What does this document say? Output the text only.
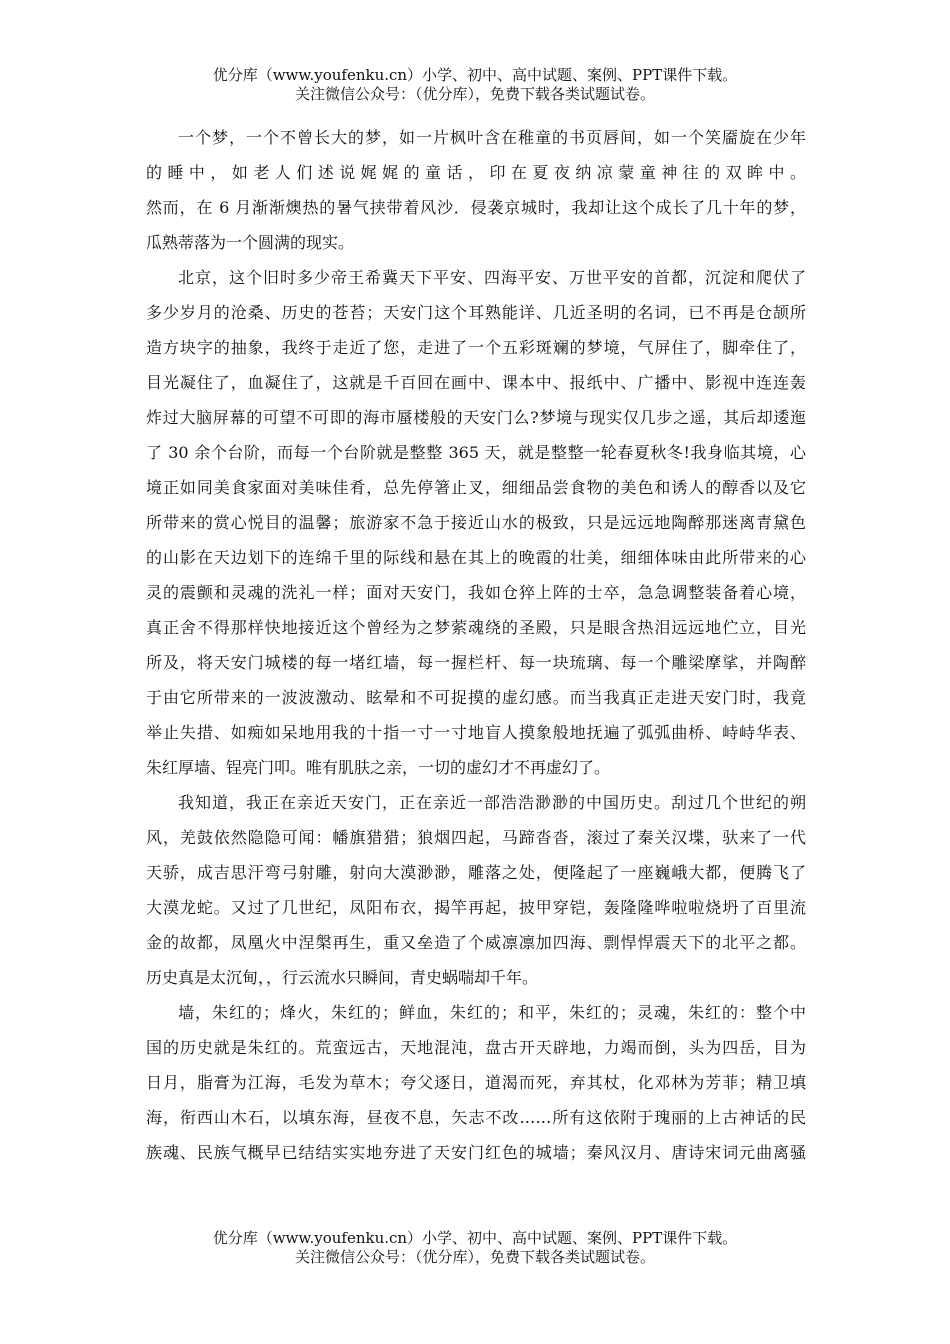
优分库（www.youfenku.cn）小学、初中、高中试题、案例、PPT课件下载。
关注微信公众号：（优分库），免费下载各类试题试卷。
一个梦，一个不曾长大的梦，如一片枫叶含在稚童的书页唇间，如一个笑靥旋在少年
的睡中，如老人们述说娓娓的童话，印在夏夜纳凉蒙童神往的双眸中。
然而，在 6 月渐渐燠热的暑气挟带着风沙．侵袭京城时，我却让这个成长了几十年的梦，
瓜熟蒂落为一个圆满的现实。
北京，这个旧时多少帝王希冀天下平安、四海平安、万世平安的首都，沉淀和爬伏了
多少岁月的沧桑、历史的苍苔；天安门这个耳熟能详、几近圣明的名词，已不再是仓颉所
造方块字的抽象，我终于走近了您，走进了一个五彩斑斓的梦境，气屏住了，脚牵住了，
目光凝住了，血凝住了，这就是千百回在画中、课本中、报纸中、广播中、影视中连连轰
炸过大脑屏幕的可望不可即的海市蜃楼般的天安门么?梦境与现实仅几步之遥，其后却逶迤
了 30 余个台阶，而每一个台阶就是整整 365 天，就是整整一轮春夏秋冬!我身临其境，心
境正如同美食家面对美味佳肴，总先停箸止叉，细细品尝食物的美色和诱人的醇香以及它
所带来的赏心悦目的温馨；旅游家不急于接近山水的极致，只是远远地陶醉那迷离青黛色
的山影在天边划下的连绵千里的际线和悬在其上的晚霞的壮美，细细体味由此所带来的心
灵的震颤和灵魂的洗礼一样；面对天安门，我如仓猝上阵的士卒，急急调整装备着心境，
真正舍不得那样快地接近这个曾经为之梦萦魂绕的圣殿，只是眼含热泪远远地伫立，目光
所及，将天安门城楼的每一堵红墙，每一握栏杆、每一块琉璃、每一个雕梁摩挲，并陶醉
于由它所带来的一波波激动、眩晕和不可捉摸的虚幻感。而当我真正走进天安门时，我竟
举止失措、如痴如呆地用我的十指一寸一寸地盲人摸象般地抚遍了弧弧曲桥、峙峙华表、
朱红厚墙、锃亮门叩。唯有肌肤之亲，一切的虚幻才不再虚幻了。
我知道，我正在亲近天安门，正在亲近一部浩浩渺渺的中国历史。刮过几个世纪的朔
风，羌鼓依然隐隐可闻：幡旗猎猎；狼烟四起，马蹄沓沓，滚过了秦关汉堞，驮来了一代
天骄，成吉思汗弯弓射雕，射向大漠渺渺，雕落之处，便隆起了一座巍峨大都，便腾飞了
大漠龙蛇。又过了几世纪，凤阳布衣，揭竿再起，披甲穿铠，轰隆隆哗啦啦烧坍了百里流
金的故都，凤凰火中涅槃再生，重又垒造了个威凛凛加四海、剽悍悍震天下的北平之都。
历史真是太沉甸，，行云流水只瞬间，青史蜗喘却千年。
墙，朱红的；烽火，朱红的；鲜血，朱红的；和平，朱红的；灵魂，朱红的：整个中
国的历史就是朱红的。荒蛮远古，天地混沌，盘古开天辟地，力竭而倒，头为四岳，目为
日月，脂膏为江海，毛发为草木；夸父逐日，道渴而死，弃其杖，化邓林为芳菲；精卫填
海，衔西山木石，以填东海，昼夜不息，矢志不改……所有这依附于瑰丽的上古神话的民
族魂、民族气概早已结结实实地夯进了天安门红色的城墙；秦风汉月、唐诗宋词元曲离骚
优分库（www.youfenku.cn）小学、初中、高中试题、案例、PPT课件下载。
关注微信公众号：（优分库），免费下载各类试题试卷。
